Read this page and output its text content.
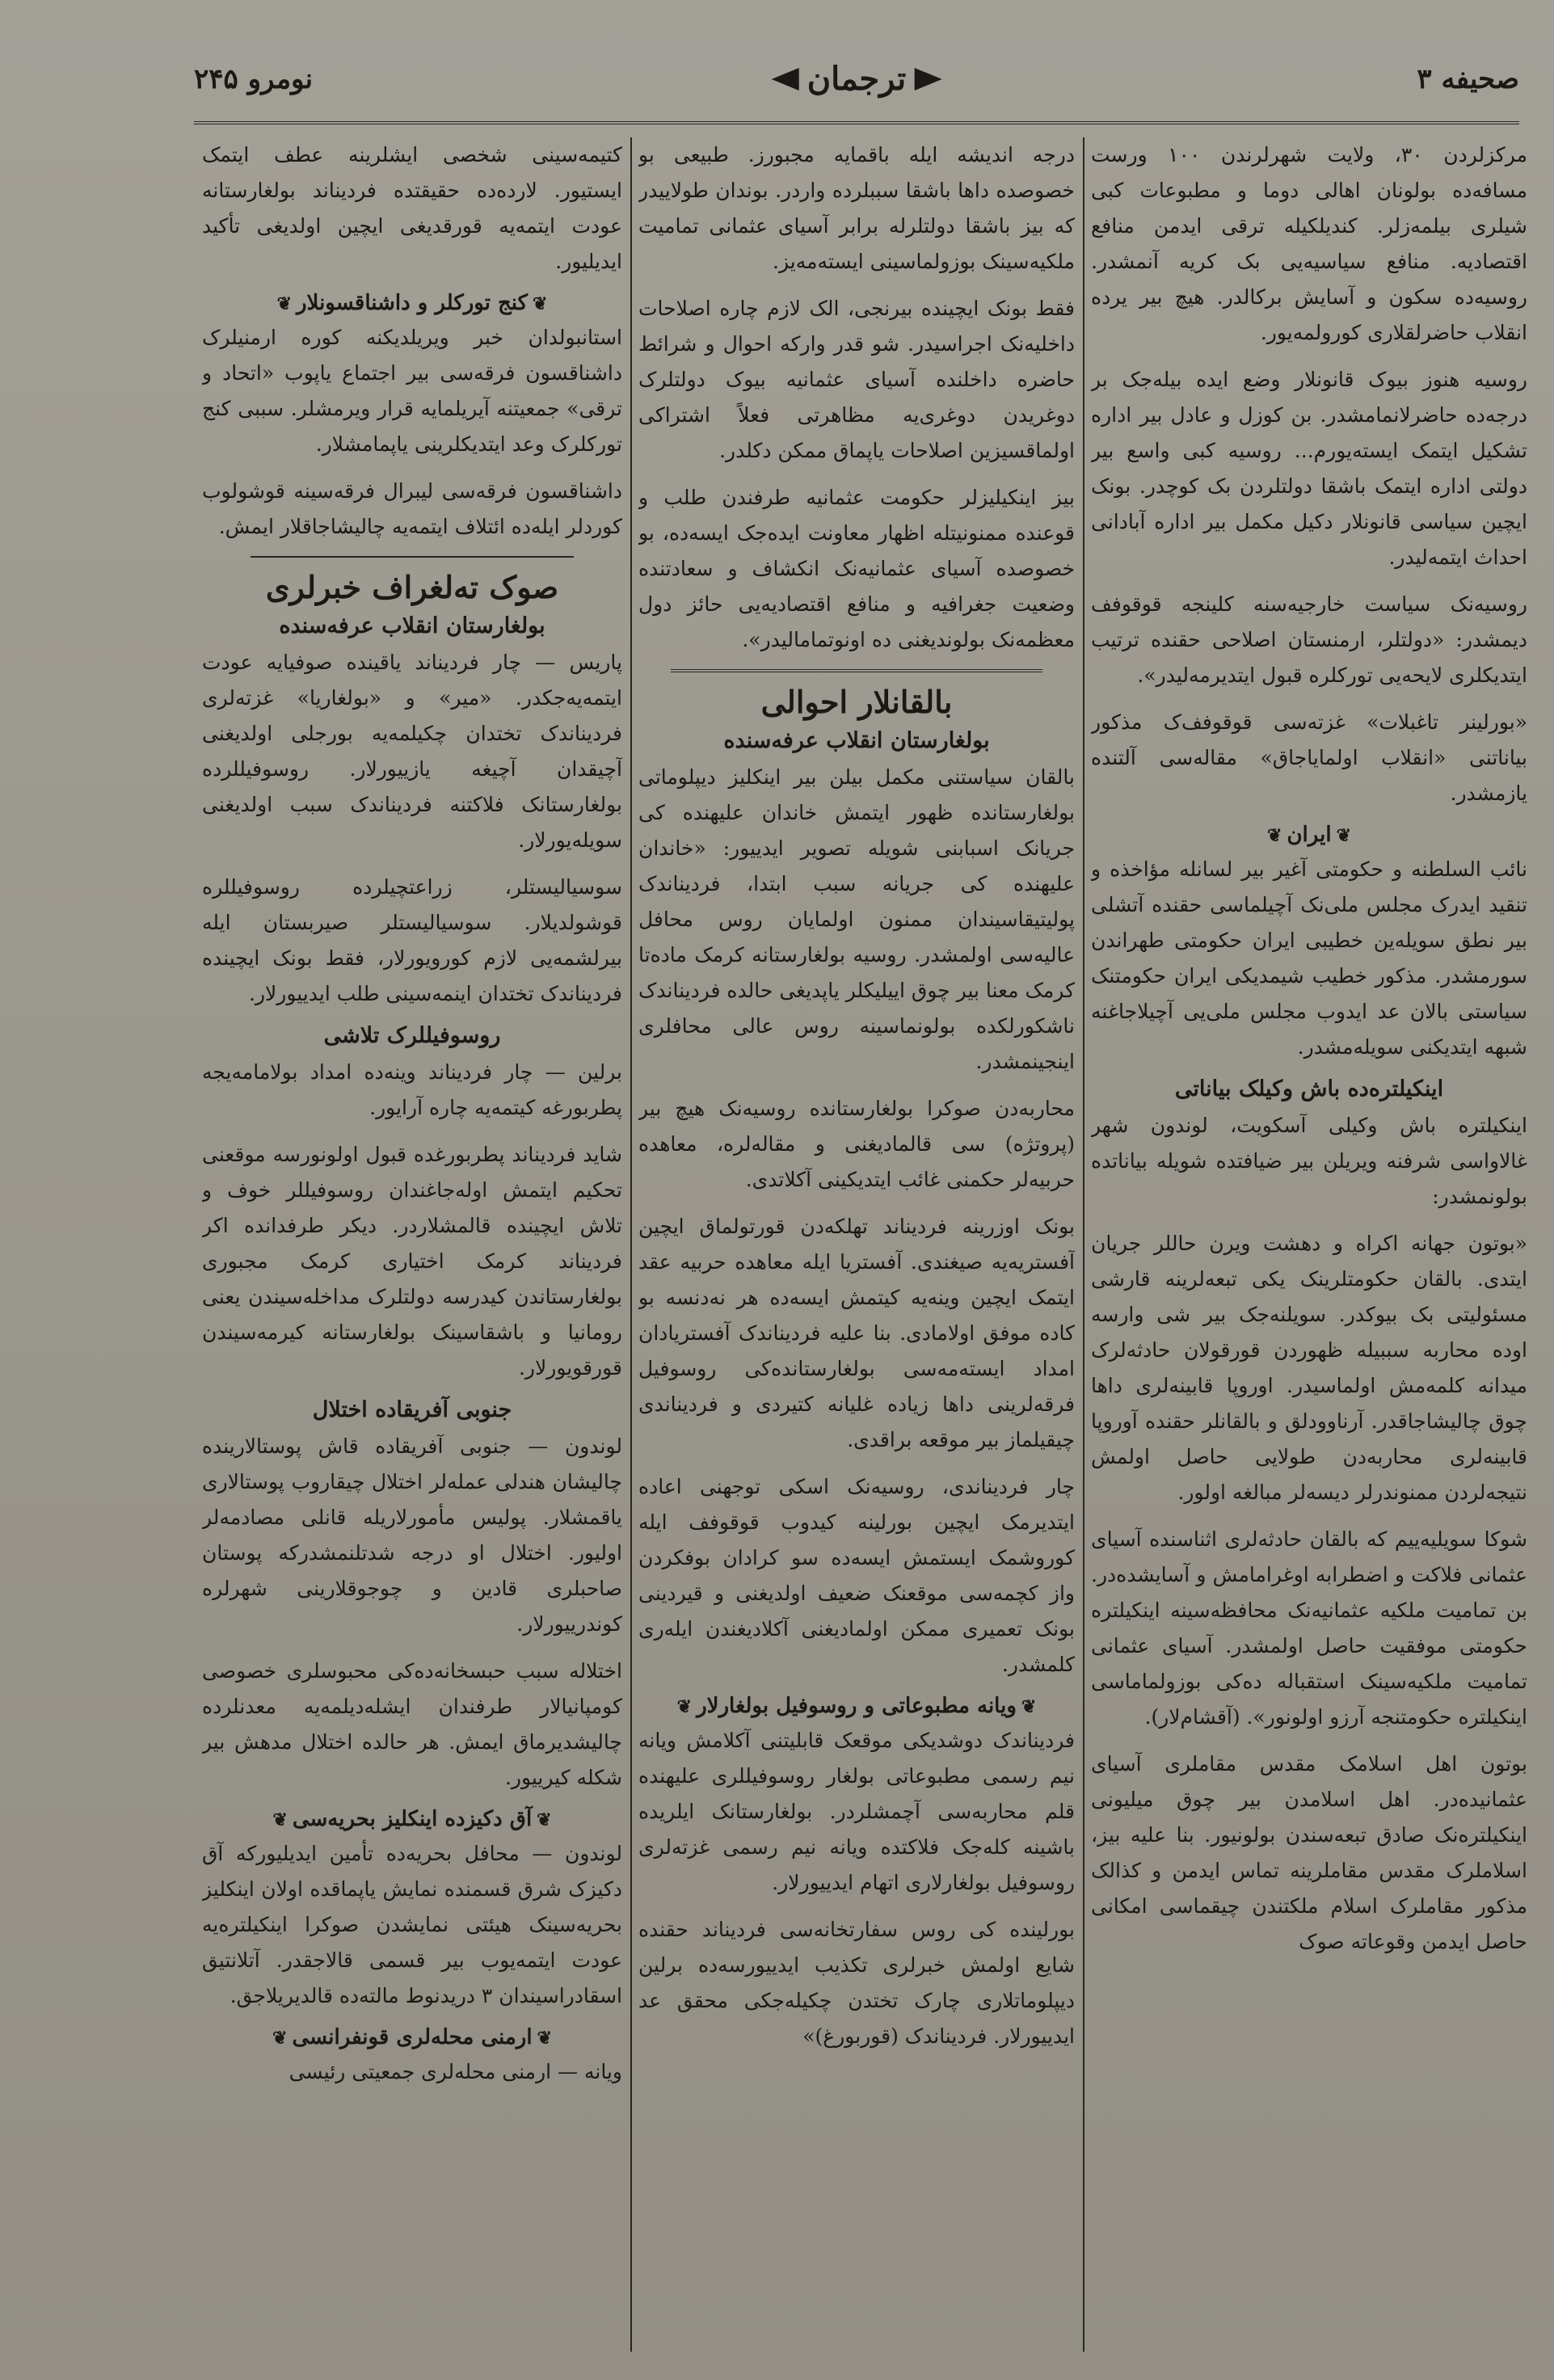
صحیفه ۳
ترجمان
نومرو ۲۴۵

مرکزلردن ۳۰، ولایت شهرلرندن ۱۰۰ ورست مسافه‌ده بولونان اهالی دوما و مطبوعات کبی شیلری بیلمه‌زلر. کندیلکیله ترقی ایدمن منافع اقتصادیه. منافع سیاسیه‌یی بک کریه آنمشدر. روسیه‌ده سکون و آسایش برکالدر. هیچ بیر یرده انقلاب حاضرلقلاری کورولمه‌یور.

روسیه هنوز بیوک قانونلار وضع ایده بیله‌جک بر درجه‌ده حاضرلانمامشدر. بن کوزل و عادل بیر اداره تشکیل ایتمک ایسته‌یورم... روسیه کبی واسع بیر دولتی اداره ایتمک باشقا دولتلردن بک کوچدر. بونک ایچین سیاسی قانونلار دکیل مکمل بیر اداره آبادانی احداث ایتمه‌لیدر.

روسیه‌نک سیاست خارجیه‌سنه کلینجه قوقوفف دیمشدر: «دولتلر، ارمنستان اصلاحی حقنده ترتیب ایتدیکلری لایحه‌یی تورکلره قبول ایتدیرمه‌لیدر».

«بورلینر تاغبلات» غزته‌سی قوقوفف‌ک مذکور بیاناتنی «انقلاب اولمایاجاق» مقاله‌سی آلتنده یازمشدر.

❦ایران❦

نائب السلطنه و حکومتی آغیر بیر لسانله مؤاخذه و تنقید ایدرک مجلس ملی‌نک آچیلماسی حقنده آتشلی بیر نطق سویله‌ین خطیبی ایران حکومتی طهراندن سورمشدر. مذکور خطیب شیمدیکی ایران حکومتنک سیاستی بالان عد ایدوب مجلس ملی‌یی آچیلاجاغنه شبهه ایتدیکنی سویله‌مشدر.

اینکیلتره‌ده باش وکیلک بیاناتی

اینکیلتره باش وکیلی آسکویت، لوندون شهر غالاواسی شرفنه ویریلن بیر ضیافتده شویله بیاناتده بولونمشدر:

«بوتون جهانه اکراه و دهشت ویرن حاللر جریان ایتدی. بالقان حکومتلرینک یکی تبعه‌لرینه قارشی مسئولیتی بک بیوکدر. سویلنه‌جک بیر شی وارسه اوده محاربه سببیله ظهوردن قورقولان حادثه‌لرک میدانه کلمه‌مش اولماسیدر. اوروپا قابینه‌لری داها چوق چالیشاجاقدر. آرناوودلق و بالقانلر حقنده آوروپا قابینه‌لری محاربه‌دن طولایی حاصل اولمش نتیجه‌لردن ممنوندرلر دیسه‌لر مبالغه اولور.

شوکا سویلیه‌ییم که بالقان حادثه‌لری اثناسنده آسیای عثمانی فلاکت و اضطرابه اوغرامامش و آسایشده‌در. بن تمامیت ملکیه عثمانیه‌نک محافظه‌سینه اینکیلتره حکومتی موفقیت حاصل اولمشدر. آسیای عثمانی تمامیت ملکیه‌سینک استقباله ده‌کی بوزولماماسی اینکیلتره حکومتنجه آرزو اولونور». (آقشام‌لار).

بوتون اهل اسلامک مقدس مقاملری آسیای عثمانیده‌در. اهل اسلامدن بیر چوق میلیونی اینکیلتره‌نک صادق تبعه‌سندن بولونیور. بنا علیه بیز، اسلاملرک مقدس مقاملرینه تماس ایدمن و کذالک مذکور مقاملرک اسلام ملکتندن چیقماسی امکانی حاصل ایدمن وقوعاته صوک

درجه اندیشه ایله باقمایه مجبورز. طبیعی بو خصوصده داها باشقا سببلرده واردر. بوندان طولاییدر که بیز باشقا دولتلرله برابر آسیای عثمانی تمامیت ملکیه‌سینک بوزولماسینی ایسته‌مه‌یز.

فقط بونک ایچینده بیرنجی، الک لازم چاره اصلاحات داخلیه‌نک اجراسیدر. شو قدر وارکه احوال و شرائط حاضره داخلنده آسیای عثمانیه بیوک دولتلرک دوغریدن دوغری‌یه مظاهرتی فعلاً اشتراکی اولماقسیزین اصلاحات یاپماق ممکن دکلدر.

بیز اینکیلیزلر حکومت عثمانیه طرفندن طلب و قوعنده ممنونیتله اظهار معاونت ایده‌جک ایسه‌ده، بو خصوصده آسیای عثمانیه‌نک انکشاف و سعادتنده وضعیت جغرافیه و منافع اقتصادیه‌یی حائز دول معظمه‌نک بولوندیغنی ده اونوتمامالیدر».

بالقانلار احوالی
بولغارستان انقلاب عرفه‌سنده

بالقان سیاستنی مکمل بیلن بیر اینکلیز دیپلوماتی بولغارستانده ظهور ایتمش خاندان علیهنده کی جریانک اسبابنی شویله تصویر ایدییور: «خاندان علیهنده کی جریانه سبب ابتدا، فردیناندک پولیتیقاسیندان ممنون اولمایان روس محافل عالیه‌سی اولمشدر. روسیه بولغارستانه کرمک ماده‌تا کرمک معنا بیر چوق اییلیکلر یاپدیغی حالده فردیناندک ناشکورلکده بولونماسینه روس عالی محافلری اینجینمشدر.

محاربه‌دن صوکرا بولغارستانده روسیه‌نک هیچ بیر (پروتژه) سی قالمادیغنی و مقاله‌لره، معاهده حربیه‌لر حکمنی غائب ایتدیکینی آکلاتدی.

بونک اوزرینه فردیناند تهلکه‌دن قورتولماق ایچین آفستریه‌یه صیغندی. آفستریا ایله معاهده حربیه عقد ایتمک ایچین وینه‌یه کیتمش ایسه‌ده هر نه‌دنسه بو کاده موفق اولامادی. بنا علیه فردیناندک آفستریادان امداد ایسته‌مه‌سی بولغارستانده‌کی روسوفیل فرقه‌لرینی داها زیاده غلیانه کتیردی و فردیناندی چیقیلماز بیر موقعه براقدی.

چار فردیناندی، روسیه‌نک اسکی توجهنی اعاده ایتدیرمک ایچین بورلینه کیدوب قوقوفف ایله کوروشمک ایستمش ایسه‌ده سو کرادان بوفکردن واز کچمه‌سی موقعنک ضعیف اولدیغنی و قیردینی بونک تعمیری ممکن اولمادیغنی آکلادیغندن ایله‌ری کلمشدر.

❦ویانه مطبوعاتی و روسوفیل بولغارلار❦

فردیناندک دوشدیکی موقعک قابلیتنی آکلامش ویانه نیم رسمی مطبوعاتی بولغار روسوفیللری علیهنده قلم محاربه‌سی آچمشلردر. بولغارستانک ایلریده باشینه کله‌جک فلاکتده ویانه نیم رسمی غزته‌لری روسوفیل بولغارلاری اتهام ایدییورلار.

بورلینده کی روس سفارتخانه‌سی فردیناند حقنده شایع اولمش خبرلری تکذیب ایدییورسه‌ده برلین دیپلوماتلاری چارک تختدن چکیله‌جکی محقق عد ایدییورلار. فردیناندک (قوربورغ)»

کتیمه‌سینی شخصی ایشلرینه عطف ایتمک ایستیور. لارده‌ده حقیقتده فردیناند بولغارستانه عودت ایتمه‌یه قورقدیغی ایچین اولدیغی تأکید ایدیلیور.

❦کنج تورکلر و داشناقسونلار❦

استانبولدان خبر ویریلدیکنه کوره ارمنیلرک داشناقسون فرقه‌سی بیر اجتماع یاپوب «اتحاد و ترقی» جمعیتنه آیریلمایه قرار ویرمشلر. سببی کنج تورکلرک وعد ایتدیکلرینی یاپمامشلار.

داشناقسون فرقه‌سی لیبرال فرقه‌سینه قوشولوب کوردلر ایله‌ده ائتلاف ایتمه‌یه چالیشاجاقلار ایمش.

صوک تەلغراف خبرلری
بولغارستان انقلاب عرفه‌سنده

پاریس — چار فردیناند یاقینده صوفیایه عودت ایتمه‌یه‌جکدر. «میر» و «بولغاریا» غزته‌لری فردیناندک تختدان چکیلمه‌یه بورجلی اولدیغنی آچیقدان آچیغه یازییورلار. روسوفیللرده بولغارستانک فلاکتنه فردیناندک سبب اولدیغنی سویله‌یورلار.

سوسیالیستلر، زراعتچیلرده روسوفیللره قوشولدیلار. سوسیالیستلر صیربستان ایله بیرلشمه‌یی لازم کورویورلار، فقط بونک ایچینده فردیناندک تختدان اینمه‌سینی طلب ایدییورلار.

روسوفیللرک تلاشی

برلین — چار فردیناند وینه‌ده امداد بولامامه‌یجه پطربورغه کیتمه‌یه چاره آرایور.

شاید فردیناند پطربورغده قبول اولونورسه موقعنی تحکیم ایتمش اوله‌جاغندان روسوفیللر خوف و تلاش ایچینده قالمشلاردر. دیکر طرفدانده اکر فردیناند کرمک اختیاری کرمک مجبوری بولغارستاندن کیدرسه دولتلرک مداخله‌سیندن یعنی رومانیا و باشقاسینک بولغارستانه کیرمه‌سیندن قورقویورلار.

جنوبی آفریقاده اختلال

لوندون — جنوبی آفریقاده قاش پوستالارینده چالیشان هندلی عمله‌لر اختلال چیقاروب پوستالاری یاقمشلار. پولیس مأمورلاریله قانلی مصادمه‌لر اولیور. اختلال او درجه شدتلنمشدرکه پوستان صاحبلری قادین و چوجوقلارینی شهرلره کوندرییورلار.

اختلاله سبب حبسخانه‌ده‌کی محبوسلری خصوصی کومپانیالار طرفندان ایشله‌دیلمه‌یه معدنلرده چالیشدیرماق ایمش. هر حالده اختلال مدهش بیر شکله کیرییور.

❦آق دکیزده اینکلیز بحریه‌سی❦

لوندون — محافل بحریه‌ده تأمین ایدیلیورکه آق دکیزک شرق قسمنده نمایش یاپماقده اولان اینکلیز بحریه‌سینک هیئتی نمایشدن صوکرا اینکیلتره‌یه عودت ایتمه‌یوب بیر قسمی قالاجقدر. آتلانتیق اسقادراسیندان ۳ دریدنوط مالته‌ده قالدیریلاجق.

❦ارمنی محله‌لری قونفرانسی❦

ویانه — ارمنی محله‌لری جمعیتی رئیسی
